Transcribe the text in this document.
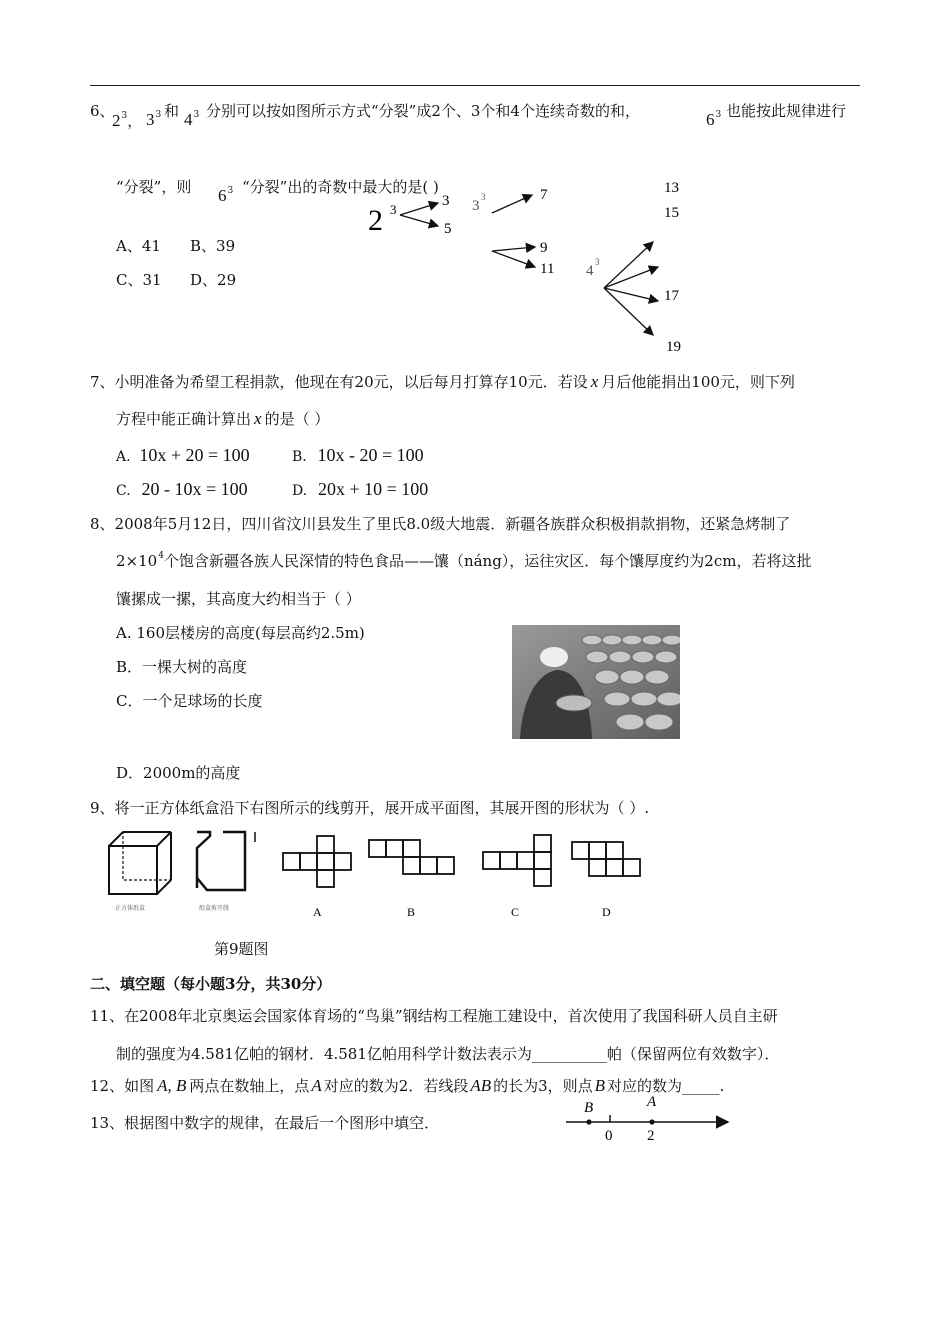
6、
$2^3$， $3^3$ 和 $4^3$ 分别可以按如图所示方式“分裂”成2个、3个和4个连续奇数的和，	$6^3$ 也能按此规律进行
“分裂”，则 $6^3$ “分裂”出的奇数中最大的是( )
A、41 B、39
C、31 D、29
2 3
3
5
3
3	7
9
11 4
3
13
15
17
19
7、小明准备为希望工程捐款，他现在有20元，以后每月打算存10元．若设 x 月后他能捐出100元，则下列
方程中能正确计算出 x 的是（ ）
A. 10x + 20 = 100	B. 10x - 20 = 100
C. 20 - 10x = 100	D. 20x + 10 = 100
8、2008年5月12日，四川省汶川县发生了里氏8.0级大地震．新疆各族群众积极捐款捐物，还紧急烤制了
$2\times 10^4$个饱含新疆各族人民深情的特色食品——馕（náng），运往灾区．每个馕厚度约为2cm，若将这批
馕摞成一摞，其高度大约相当于（ ）
A. 160层楼房的高度(每层高约2.5m)
B．一棵大树的高度
C．一个足球场的长度
D．2000m的高度
9、将一正方体纸盒沿下右图所示的线剪开，展开成平面图，其展开图的形状为（ ）.
正方体纸盒	纸盒剪开线	A	B	C	D
第9题图
二、填空题（每小题3分，共30分）
11、在2008年北京奥运会国家体育场的“鸟巢”钢结构工程施工建设中，首次使用了我国科研人员自主研
制的强度为4.581亿帕的钢材．4.581亿帕用科学计数法表示为__________帕（保留两位有效数字）．
12、如图 A, B 两点在数轴上，点 A 对应的数为2．若线段 AB 的长为3，则点 B 对应的数为_____.
B	A
0 2
13、根据图中数字的规律，在最后一个图形中填空．
